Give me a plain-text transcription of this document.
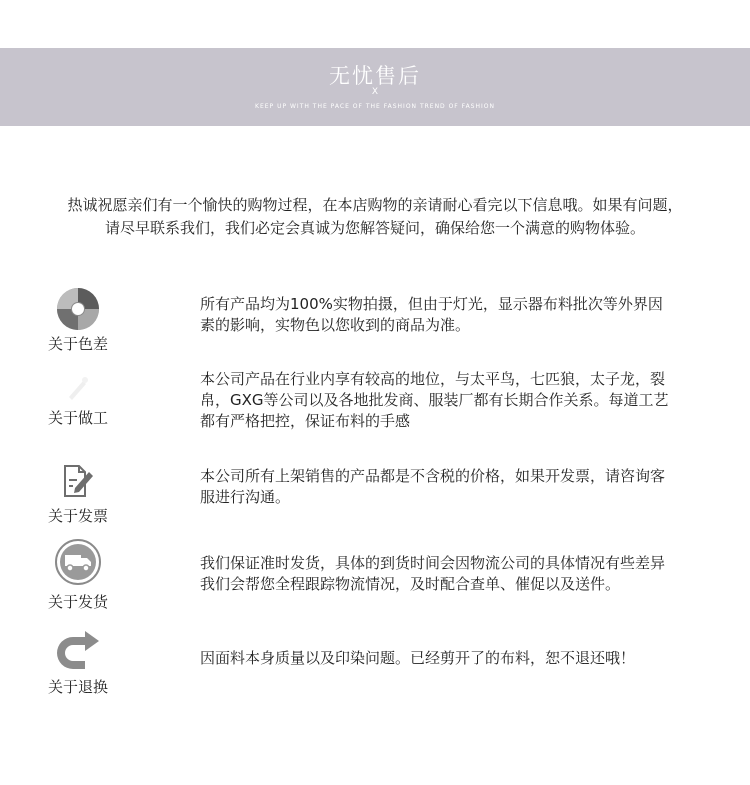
无忧售后
X
KEEP UP WITH THE PACE OF THE FASHION TREND OF FASHION
热诚祝愿亲们有一个愉快的购物过程，在本店购物的亲请耐心看完以下信息哦。如果有问题，
请尽早联系我们，我们必定会真诚为您解答疑问，确保给您一个满意的购物体验。
关于色差
所有产品均为100%实物拍摄，但由于灯光，显示器布料批次等外界因
素的影响，实物色以您收到的商品为准。
关于做工
本公司产品在行业内享有较高的地位，与太平鸟，七匹狼，太子龙，裂
帛，GXG等公司以及各地批发商、服装厂都有长期合作关系。每道工艺
都有严格把控，保证布料的手感
关于发票
本公司所有上架销售的产品都是不含税的价格，如果开发票，请咨询客
服进行沟通。
关于发货
我们保证准时发货，具体的到货时间会因物流公司的具体情况有些差异
我们会帮您全程跟踪物流情况，及时配合查单、催促以及送件。
关于退换
因面料本身质量以及印染问题。已经剪开了的布料，恕不退还哦！
